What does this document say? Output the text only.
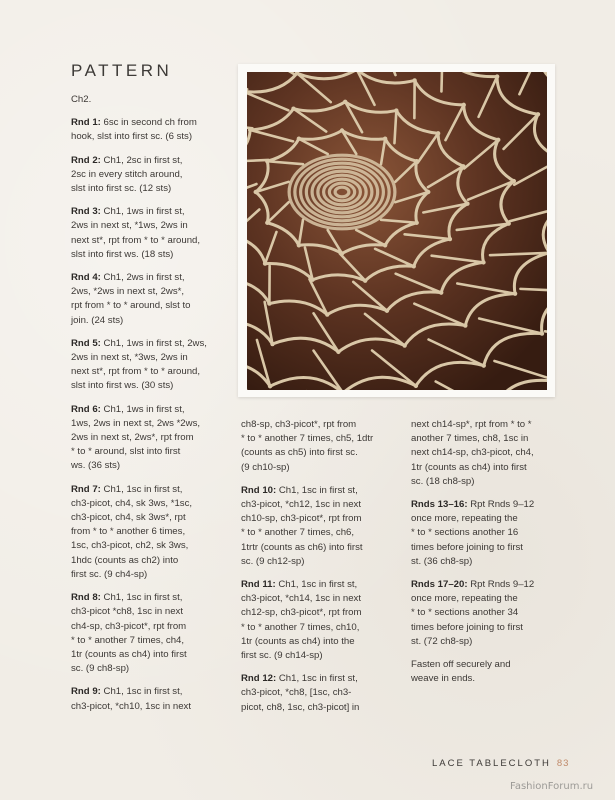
PATTERN

Ch2.

Rnd 1: 6sc in second ch from
hook, slst into first sc. (6 sts)

Rnd 2: Ch1, 2sc in first st,
2sc in every stitch around,
slst into first sc. (12 sts)

Rnd 3: Ch1, 1ws in first st,
2ws in next st, *1ws, 2ws in
next st*, rpt from * to * around,
slst into first ws. (18 sts)

Rnd 4: Ch1, 2ws in first st,
2ws, *2ws in next st, 2ws*,
rpt from * to * around, slst to
join. (24 sts)

Rnd 5: Ch1, 1ws in first st, 2ws,
2ws in next st, *3ws, 2ws in
next st*, rpt from * to * around,
slst into first ws. (30 sts)

Rnd 6: Ch1, 1ws in first st,
1ws, 2ws in next st, 2ws *2ws,
2ws in next st, 2ws*, rpt from
* to * around, slst into first
ws. (36 sts)

Rnd 7: Ch1, 1sc in first st,
ch3-picot, ch4, sk 3ws, *1sc,
ch3-picot, ch4, sk 3ws*, rpt
from * to * another 6 times,
1sc, ch3-picot, ch2, sk 3ws,
1hdc (counts as ch2) into
first sc. (9 ch4-sp)

Rnd 8: Ch1, 1sc in first st,
ch3-picot *ch8, 1sc in next
ch4-sp, ch3-picot*, rpt from
* to * another 7 times, ch4,
1tr (counts as ch4) into first
sc. (9 ch8-sp)

Rnd 9: Ch1, 1sc in first st,
ch3-picot, *ch10, 1sc in next

ch8-sp, ch3-picot*, rpt from
* to * another 7 times, ch5, 1dtr
(counts as ch5) into first sc.
(9 ch10-sp)

Rnd 10: Ch1, 1sc in first st,
ch3-picot, *ch12, 1sc in next
ch10-sp, ch3-picot*, rpt from
* to * another 7 times, ch6,
1trtr (counts as ch6) into first
sc. (9 ch12-sp)

Rnd 11: Ch1, 1sc in first st,
ch3-picot, *ch14, 1sc in next
ch12-sp, ch3-picot*, rpt from
* to * another 7 times, ch10,
1tr (counts as ch4) into the
first sc. (9 ch14-sp)

Rnd 12: Ch1, 1sc in first st,
ch3-picot, *ch8, [1sc, ch3-
picot, ch8, 1sc, ch3-picot] in

next ch14-sp*, rpt from * to *
another 7 times, ch8, 1sc in
next ch14-sp, ch3-picot, ch4,
1tr (counts as ch4) into first
sc. (18 ch8-sp)

Rnds 13–16: Rpt Rnds 9–12
once more, repeating the
* to * sections another 16
times before joining to first
st. (36 ch8-sp)

Rnds 17–20: Rpt Rnds 9–12
once more, repeating the
* to * sections another 34
times before joining to first
st. (72 ch8-sp)

Fasten off securely and
weave in ends.

LACE TABLECLOTH 83
FashionForum.ru
